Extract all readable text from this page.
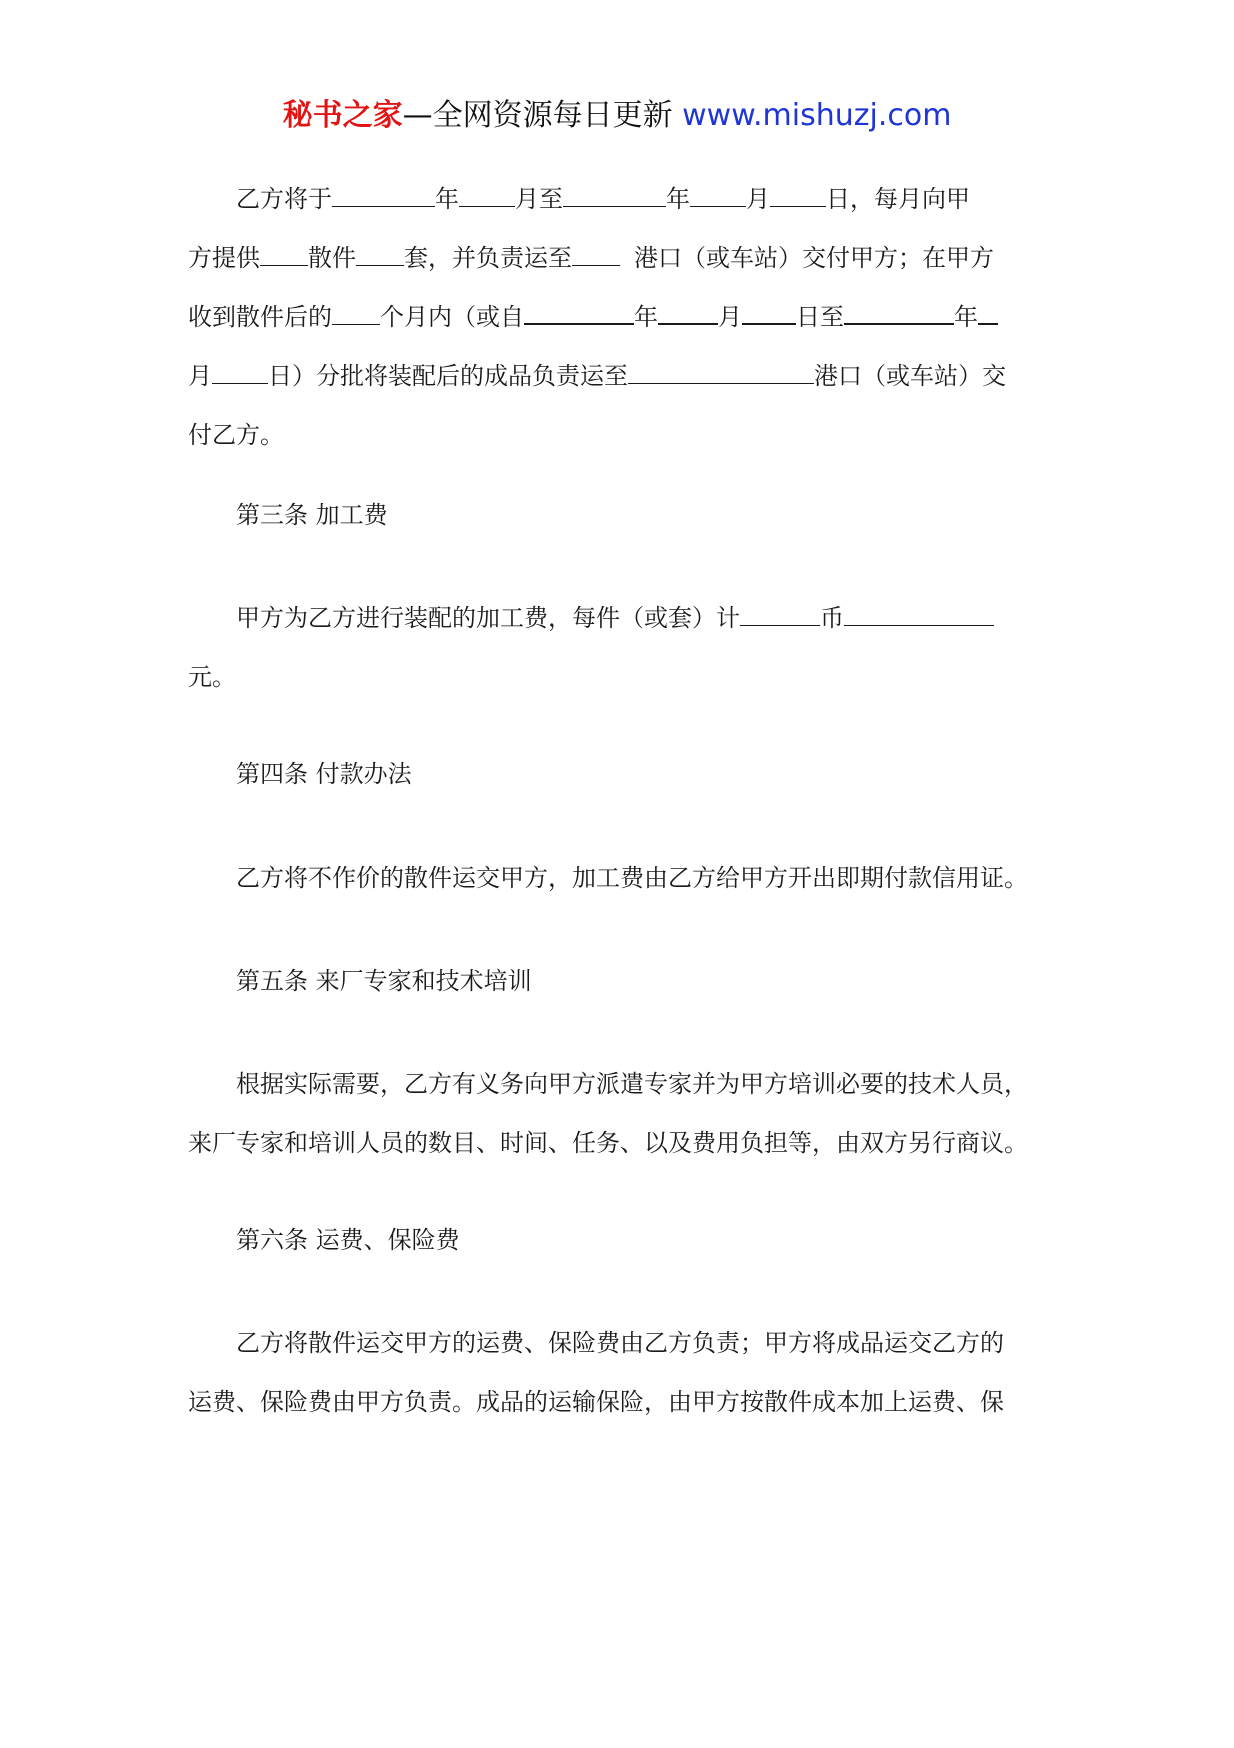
秘书之家—全网资源每日更新 www.mishuzj.com
乙方将于	年 月至	年 月 日，每月向甲
方提供 散件 套，并负责运至	港口（或车站）交付甲方；在甲方
收到散件后的 个月内（或自	年	月 日至	年
月 日）分批将装配后的成品负责运至	港口（或车站）交
付乙方。
第三条 加工费
甲方为乙方进行装配的加工费，每件（或套）计	币
元。
第四条 付款办法
乙方将不作价的散件运交甲方，加工费由乙方给甲方开出即期付款信用证。
第五条 来厂专家和技术培训
根据实际需要，乙方有义务向甲方派遣专家并为甲方培训必要的技术人员，
来厂专家和培训人员的数目、时间、任务、以及费用负担等，由双方另行商议。
第六条 运费、保险费
乙方将散件运交甲方的运费、保险费由乙方负责；甲方将成品运交乙方的
运费、保险费由甲方负责。成品的运输保险，由甲方按散件成本加上运费、保
